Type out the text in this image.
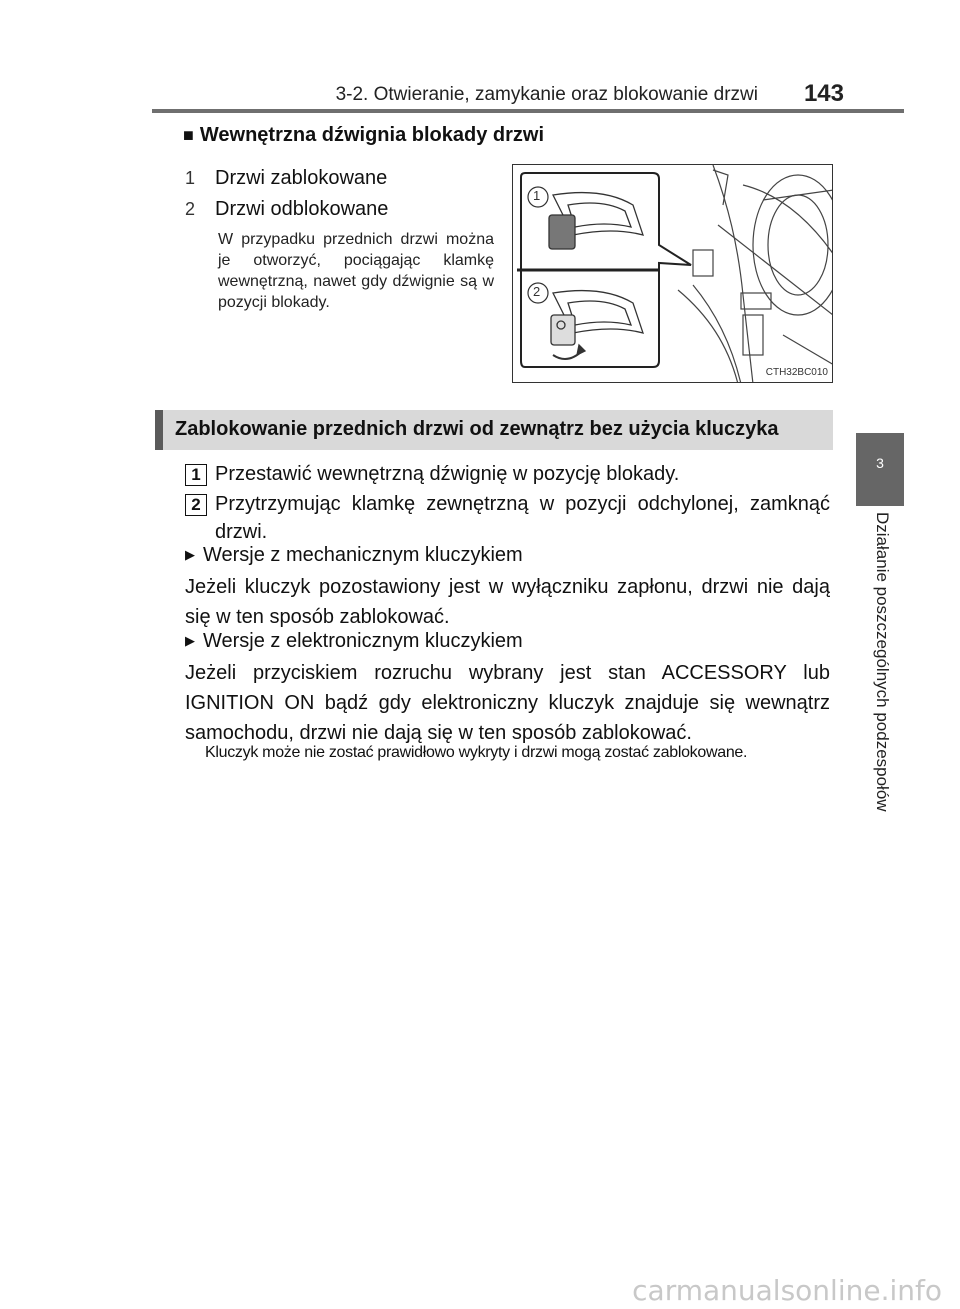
3-2. Otwieranie, zamykanie oraz blokowanie drzwi 143
3
Działanie poszczególnych podzespołów
■ Wewnętrzna dźwignia blokady drzwi
1 Drzwi zablokowane
2 Drzwi odblokowane
W przypadku przednich drzwi można je otworzyć, pociągając klamkę wewnętrzną, nawet gdy dźwignie są w pozycji blokady.
1
2
CTH32BC010
Zablokowanie przednich drzwi od zewnątrz bez użycia kluczyka
1 Przestawić wewnętrzną dźwignię w pozycję blokady.
2 Przytrzymując klamkę zewnętrzną w pozycji odchylonej, zamknąć drzwi.
▶ Wersje z mechanicznym kluczykiem
Jeżeli kluczyk pozostawiony jest w wyłączniku zapłonu, drzwi nie dają się w ten sposób zablokować.
▶ Wersje z elektronicznym kluczykiem
Jeżeli przyciskiem rozruchu wybrany jest stan ACCESSORY lub IGNITION ON bądź gdy elektroniczny kluczyk znajduje się wewnątrz samochodu, drzwi nie dają się w ten sposób zablokować.
Kluczyk może nie zostać prawidłowo wykryty i drzwi mogą zostać zablokowane.
carmanualsonline.info
